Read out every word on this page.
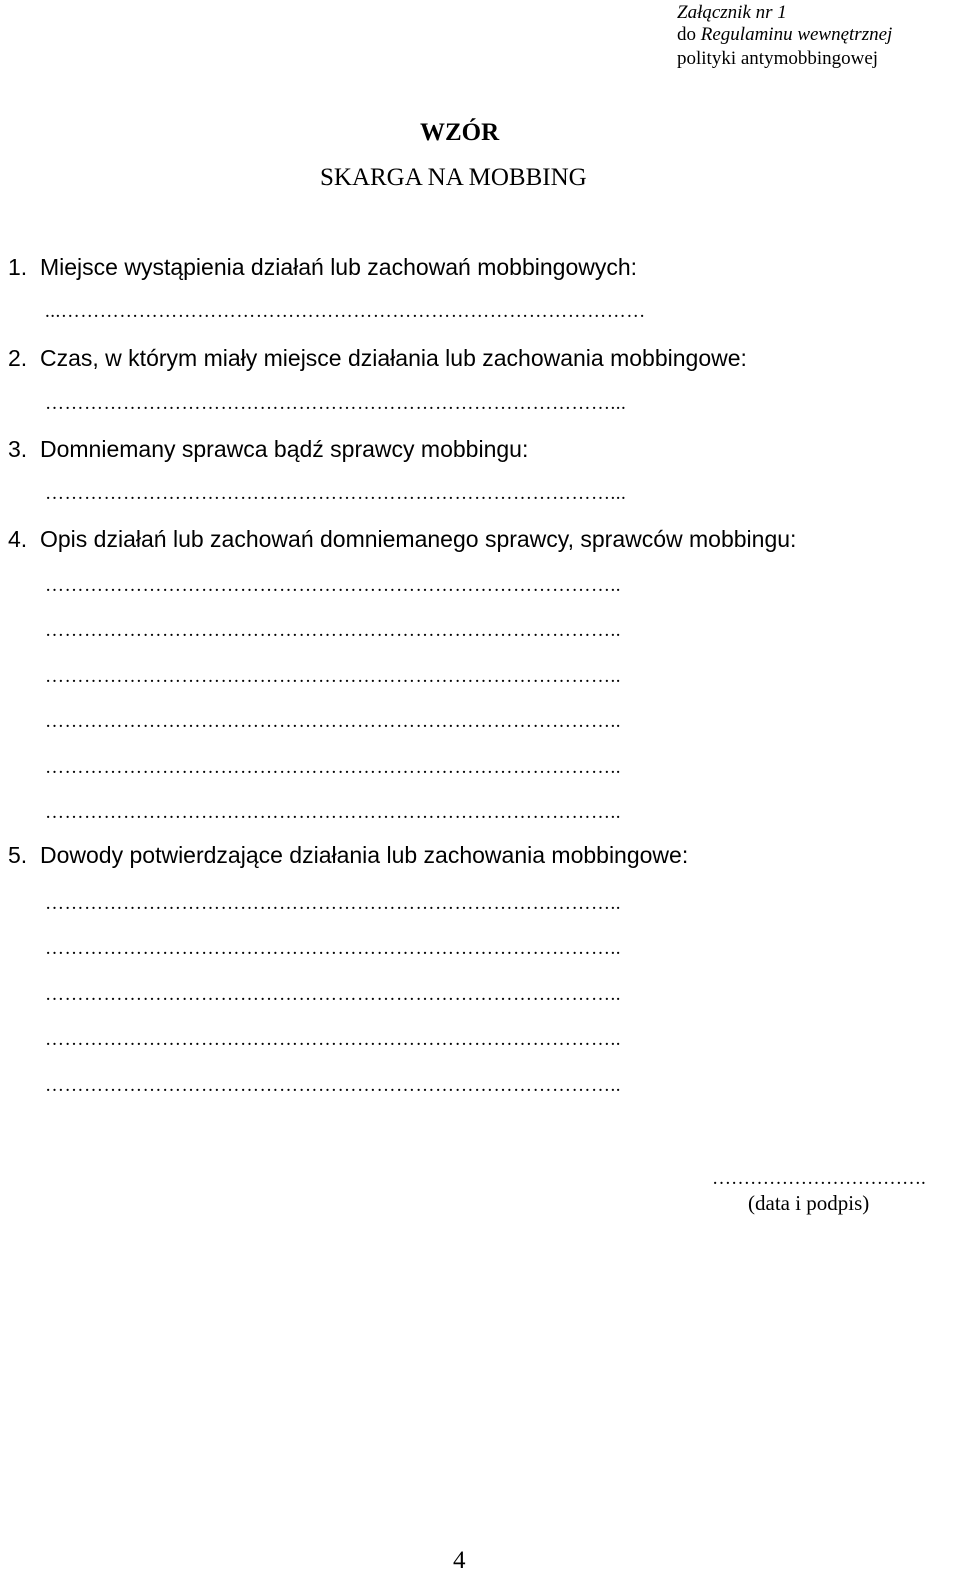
Załącznik nr 1
do Regulaminu wewnętrznej
polityki antymobbingowej
WZÓR
SKARGA NA MOBBING
1. Miejsce wystąpienia działań lub zachowań mobbingowych:
...………………………………………………………………………………
2. Czas, w którym miały miejsce działania lub zachowania mobbingowe:
……………………………………………………………………………...
3. Domniemany sprawca bądź sprawcy mobbingu:
……………………………………………………………………………...
4. Opis działań lub zachowań domniemanego sprawcy, sprawców mobbingu:
……………………………………………………………………………..
……………………………………………………………………………..
……………………………………………………………………………..
……………………………………………………………………………..
……………………………………………………………………………..
……………………………………………………………………………..
5. Dowody potwierdzające działania lub zachowania mobbingowe:
……………………………………………………………………………..
……………………………………………………………………………..
……………………………………………………………………………..
……………………………………………………………………………..
……………………………………………………………………………..
…………………………….
(data i podpis)
4
